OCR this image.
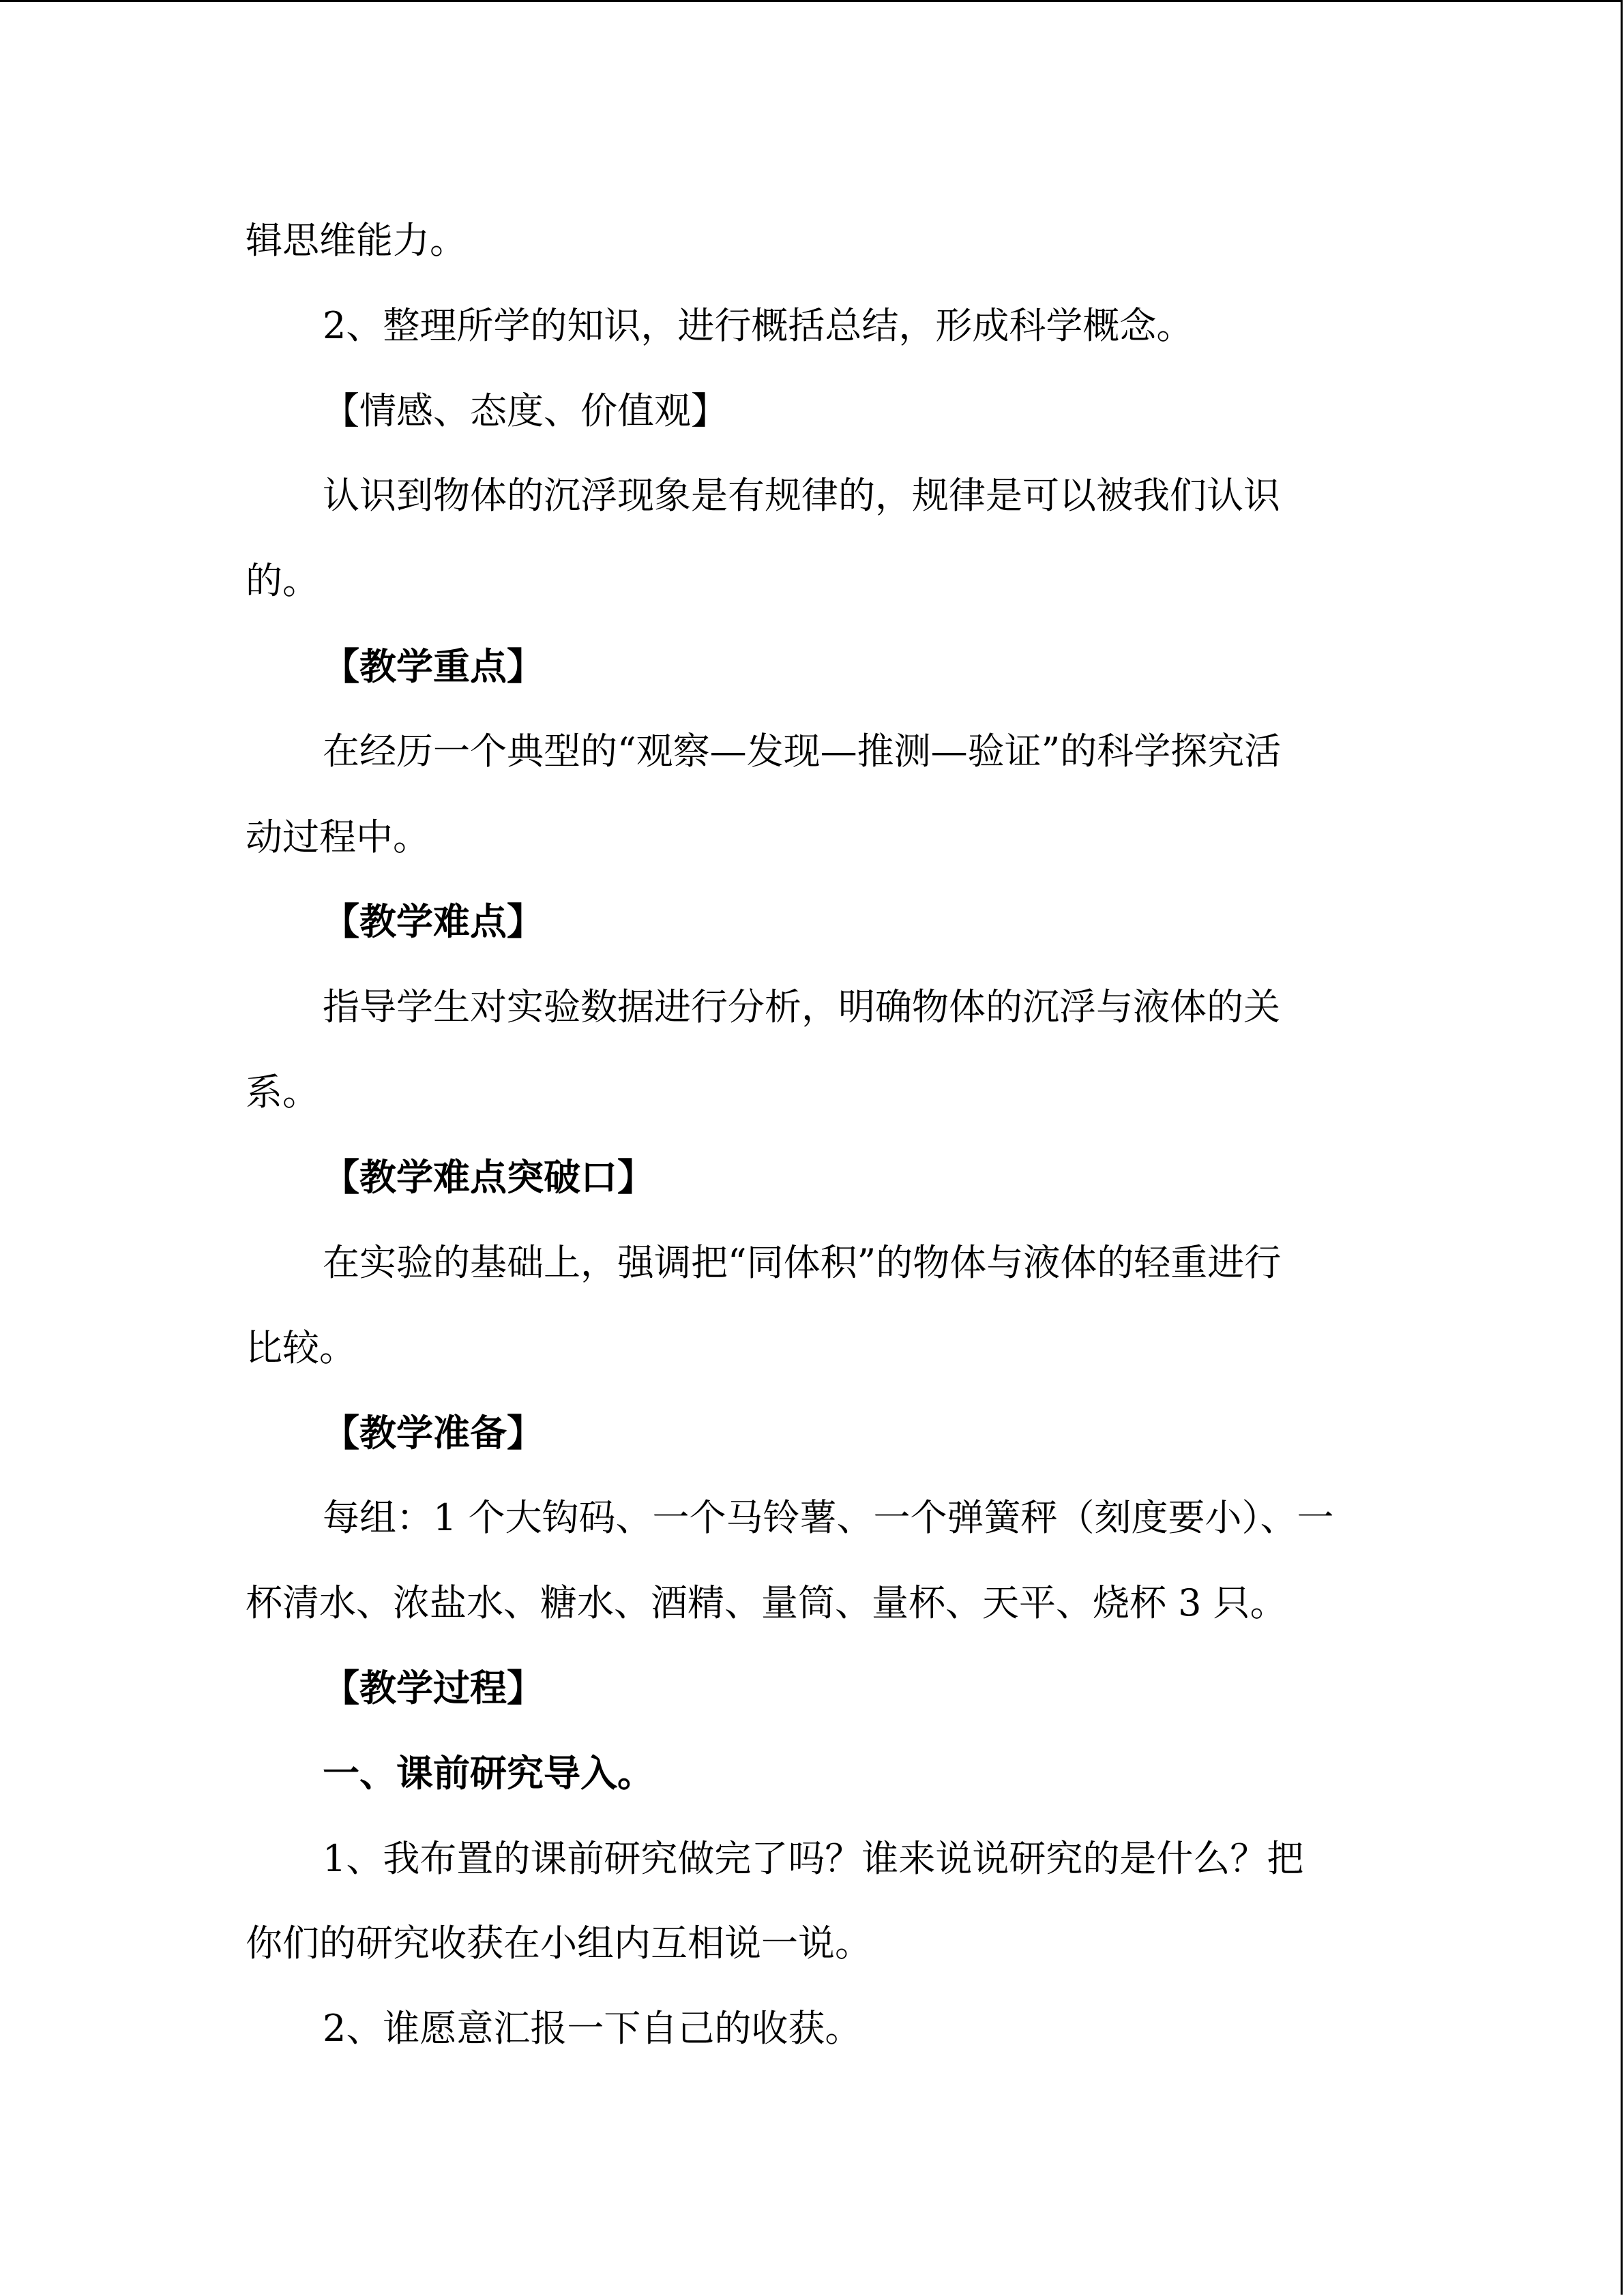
辑思维能力。

2、整理所学的知识，进行概括总结，形成科学概念。

【情感、态度、价值观】

认识到物体的沉浮现象是有规律的，规律是可以被我们认识

的。

【教学重点】

在经历一个典型的“观察—发现—推测—验证”的科学探究活

动过程中。

【教学难点】

指导学生对实验数据进行分析，明确物体的沉浮与液体的关

系。

【教学难点突破口】

在实验的基础上，强调把“同体积”的物体与液体的轻重进行

比较。

【教学准备】

每组：1 个大钩码、一个马铃薯、一个弹簧秤（刻度要小）、一

杯清水、浓盐水、糖水、酒精、量筒、量杯、天平、烧杯 3 只。

【教学过程】

一、课前研究导入。

1、我布置的课前研究做完了吗？谁来说说研究的是什么？把

你们的研究收获在小组内互相说一说。

2、谁愿意汇报一下自己的收获。
